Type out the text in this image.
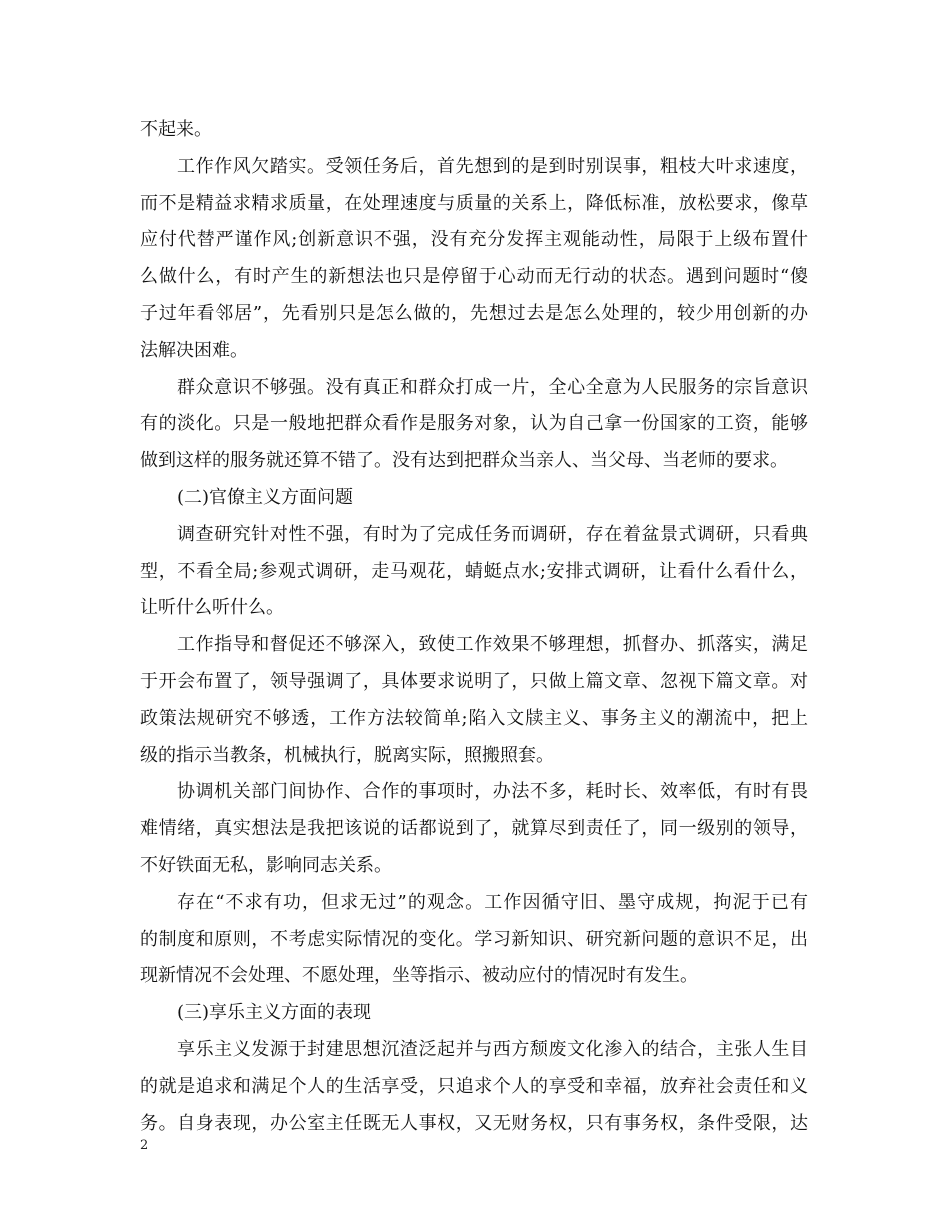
不起来。
工作作风欠踏实。受领任务后，首先想到的是到时别误事，粗枝大叶求速度，
而不是精益求精求质量，在处理速度与质量的关系上，降低标准，放松要求，像草
应付代替严谨作风;创新意识不强，没有充分发挥主观能动性，局限于上级布置什
么做什么，有时产生的新想法也只是停留于心动而无行动的状态。遇到问题时“傻
子过年看邻居”，先看别只是怎么做的，先想过去是怎么处理的，较少用创新的办
法解决困难。
群众意识不够强。没有真正和群众打成一片，全心全意为人民服务的宗旨意识
有的淡化。只是一般地把群众看作是服务对象，认为自己拿一份国家的工资，能够
做到这样的服务就还算不错了。没有达到把群众当亲人、当父母、当老师的要求。
(二)官僚主义方面问题
调查研究针对性不强，有时为了完成任务而调研，存在着盆景式调研，只看典
型，不看全局;参观式调研，走马观花，蜻蜓点水;安排式调研，让看什么看什么，
让听什么听什么。
工作指导和督促还不够深入，致使工作效果不够理想，抓督办、抓落实，满足
于开会布置了，领导强调了，具体要求说明了，只做上篇文章、忽视下篇文章。对
政策法规研究不够透，工作方法较简单;陷入文牍主义、事务主义的潮流中，把上
级的指示当教条，机械执行，脱离实际，照搬照套。
协调机关部门间协作、合作的事项时，办法不多，耗时长、效率低，有时有畏
难情绪，真实想法是我把该说的话都说到了，就算尽到责任了，同一级别的领导，
不好铁面无私，影响同志关系。
存在“不求有功，但求无过”的观念。工作因循守旧、墨守成规，拘泥于已有
的制度和原则，不考虑实际情况的变化。学习新知识、研究新问题的意识不足，出
现新情况不会处理、不愿处理，坐等指示、被动应付的情况时有发生。
(三)享乐主义方面的表现
享乐主义发源于封建思想沉渣泛起并与西方颓废文化渗入的结合，主张人生目
的就是追求和满足个人的生活享受，只追求个人的享受和幸福，放弃社会责任和义
务。自身表现，办公室主任既无人事权，又无财务权，只有事务权，条件受限，达
2
